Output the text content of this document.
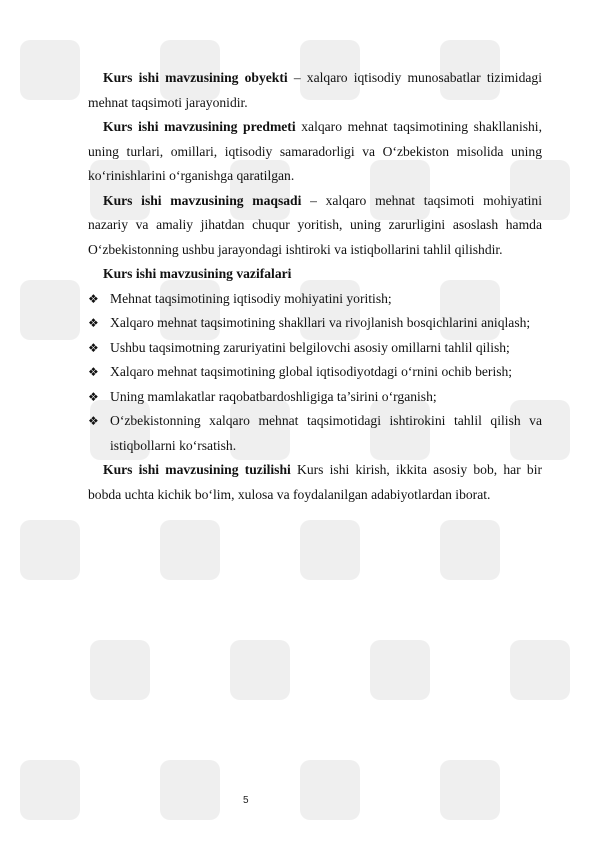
Kurs ishi mavzusining obyekti – xalqaro iqtisodiy munosabatlar tizimidagi mehnat taqsimoti jarayonidir.

Kurs ishi mavzusining predmeti xalqaro mehnat taqsimotining shakllanishi, uning turlari, omillari, iqtisodiy samaradorligi va O‘zbekiston misolida uning ko‘rinishlarini o‘rganishga qaratilgan.

Kurs ishi mavzusining maqsadi – xalqaro mehnat taqsimoti mohiyatini nazariy va amaliy jihatdan chuqur yoritish, uning zarurligini asoslash hamda O‘zbekistonning ushbu jarayondagi ishtiroki va istiqbollarini tahlil qilishdir.

Kurs ishi mavzusining vazifalari

❖ Mehnat taqsimotining iqtisodiy mohiyatini yoritish;
❖ Xalqaro mehnat taqsimotining shakllari va rivojlanish bosqichlarini aniqlash;
❖ Ushbu taqsimotning zaruriyatini belgilovchi asosiy omillarni tahlil qilish;
❖ Xalqaro mehnat taqsimotining global iqtisodiyotdagi o‘rnini ochib berish;
❖ Uning mamlakatlar raqobatbardoshligiga ta’sirini o‘rganish;
❖ O‘zbekistonning xalqaro mehnat taqsimotidagi ishtirokini tahlil qilish va istiqbollarni ko‘rsatish.

Kurs ishi mavzusining tuzilishi Kurs ishi kirish, ikkita asosiy bob, har bir bobda uchta kichik bo‘lim, xulosa va foydalanilgan adabiyotlardan iborat.

5
